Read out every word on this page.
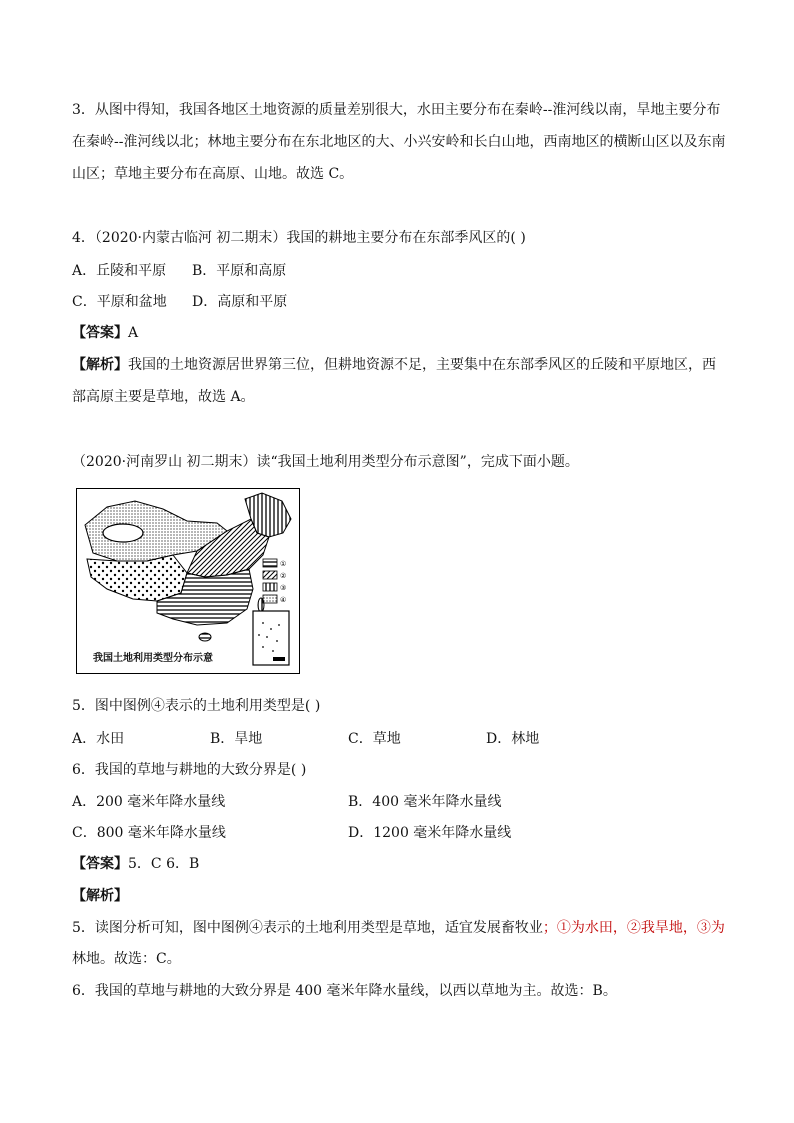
3．从图中得知，我国各地区土地资源的质量差别很大，水田主要分布在秦岭--淮河线以南，旱地主要分布
在秦岭--淮河线以北；林地主要分布在东北地区的大、小兴安岭和长白山地，西南地区的横断山区以及东南
山区；草地主要分布在高原、山地。故选 C。
4．（2020·内蒙古临河 初二期末）我国的耕地主要分布在东部季风区的( )
A．丘陵和平原 B．平原和高原
C．平原和盆地 D．高原和平原
【答案】A
【解析】我国的土地资源居世界第三位，但耕地资源不足，主要集中在东部季风区的丘陵和平原地区，西
部高原主要是草地，故选 A。
（2020·河南罗山 初二期末）读“我国土地利用类型分布示意图”，完成下面小题。
①
②
③
④
我国土地利用类型分布示意
5．图中图例④表示的土地利用类型是( )
A．水田	B．旱地	C．草地	D．林地
6．我国的草地与耕地的大致分界是( )
A．200 毫米年降水量线	B．400 毫米年降水量线
C．800 毫米年降水量线	D．1200 毫米年降水量线
【答案】5．C 6．B
【解析】
5．读图分析可知，图中图例④表示的土地利用类型是草地，适宜发展畜牧业；①为水田，②我旱地，③为
林地。故选：C。
6．我国的草地与耕地的大致分界是 400 毫米年降水量线，以西以草地为主。故选：B。
